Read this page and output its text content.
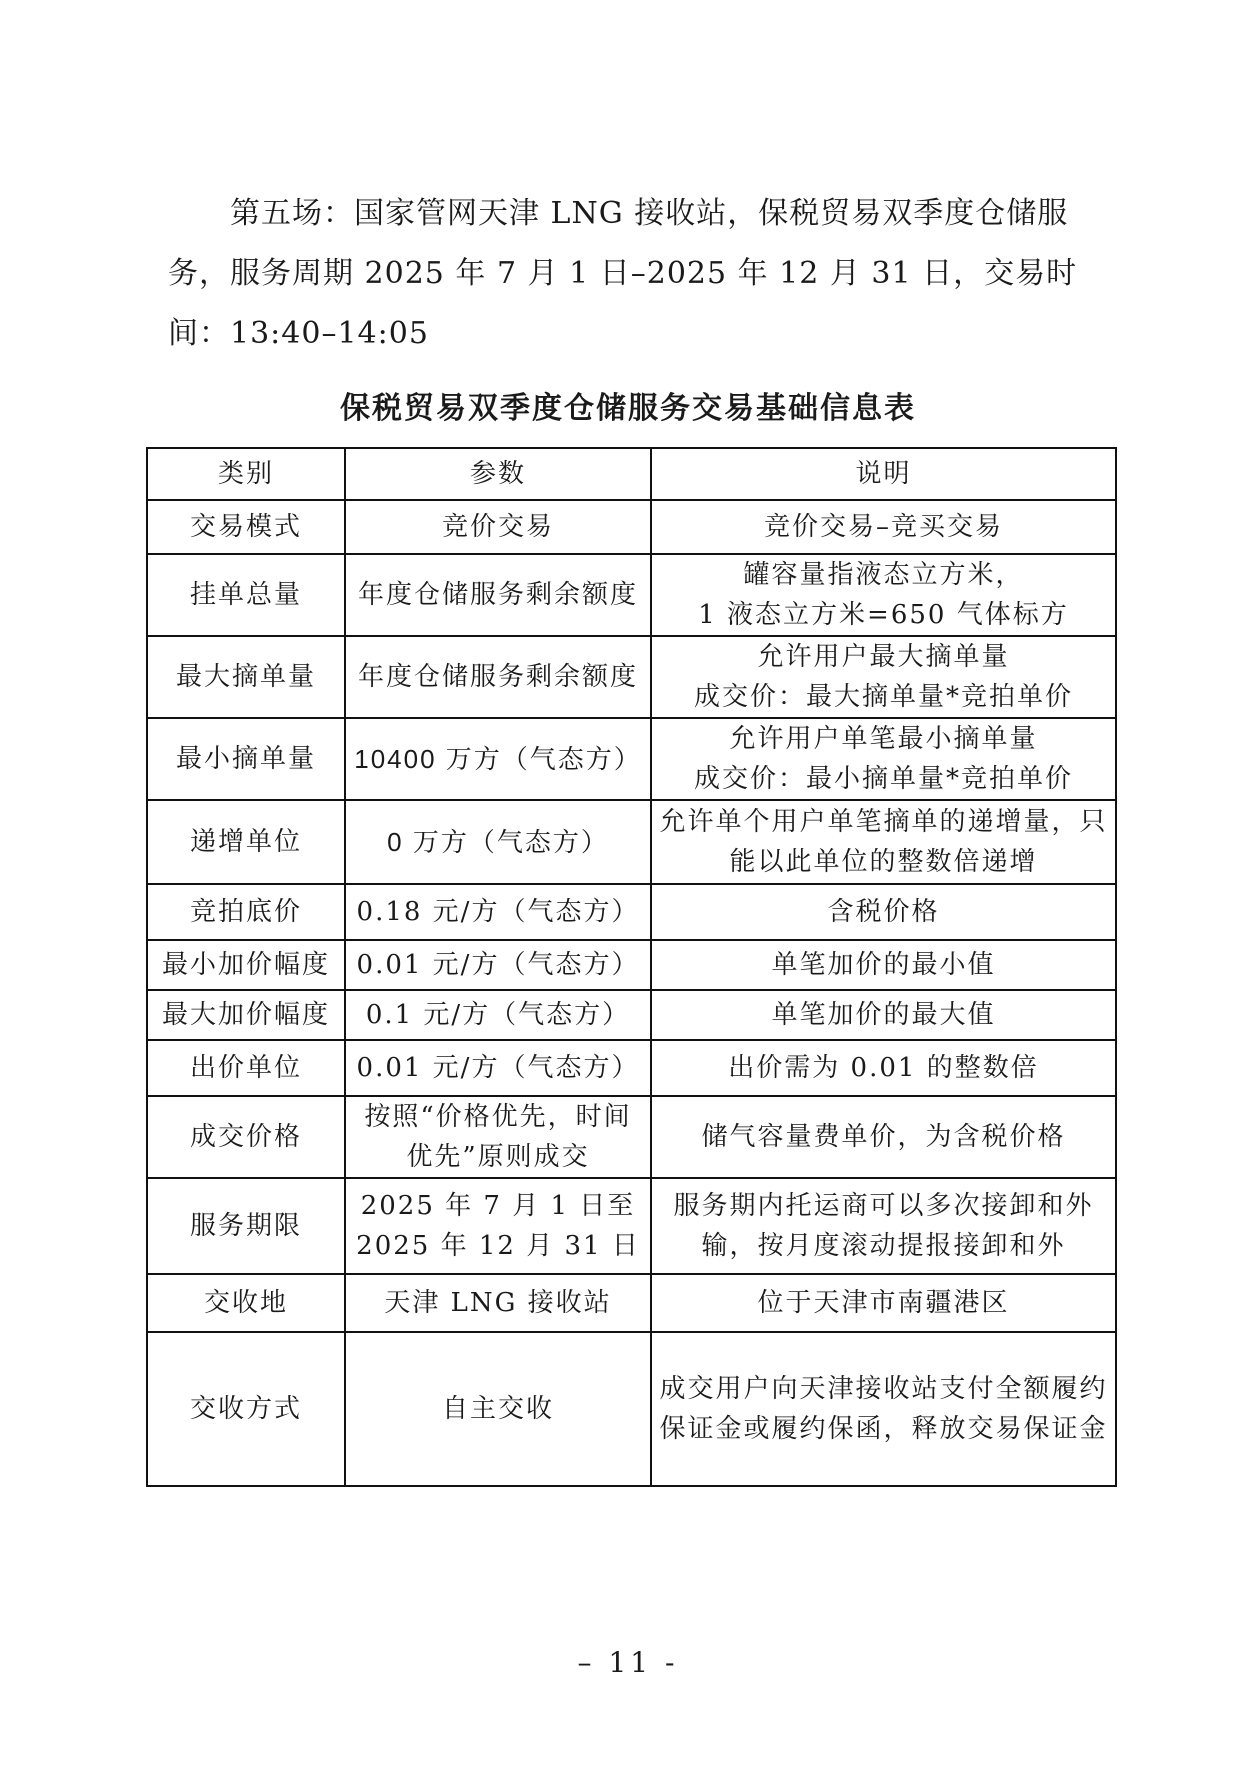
第五场：国家管网天津 LNG 接收站，保税贸易双季度仓储服务，服务周期 2025 年 7 月 1 日–2025 年 12 月 31 日，交易时间：13:40–14:05

保税贸易双季度仓储服务交易基础信息表
类别	参数	说明
交易模式	竞价交易	竞价交易–竞买交易
挂单总量	年度仓储服务剩余额度	罐容量指液态立方米，
1 液态立方米=650 气体标方

最大摘单量	年度仓储服务剩余额度	允许用户最大摘单量
成交价：最大摘单量*竞拍单价

最小摘单量	10400 万方（气态方）	允许用户单笔最小摘单量
成交价：最小摘单量*竞拍单价

递增单位	0 万方（气态方）	允许单个用户单笔摘单的递增量，只能以此单位的整数倍递增
竞拍底价	0.18 元/方（气态方）	含税价格
最小加价幅度	0.01 元/方（气态方）	单笔加价的最小值
最大加价幅度	0.1 元/方（气态方）	单笔加价的最大值
出价单位	0.01 元/方（气态方）	出价需为 0.01 的整数倍
成交价格	按照“价格优先，时间优先”原则成交	储气容量费单价，为含税价格
服务期限	2025 年 7 月 1 日至
2025 年 12 月 31 日	服务期内托运商可以多次接卸和外输，按月度滚动提报接卸和外
交收地	天津 LNG 接收站	位于天津市南疆港区
交收方式	自主交收	成交用户向天津接收站支付全额履约保证金或履约保函，释放交易保证金
– 11 -
